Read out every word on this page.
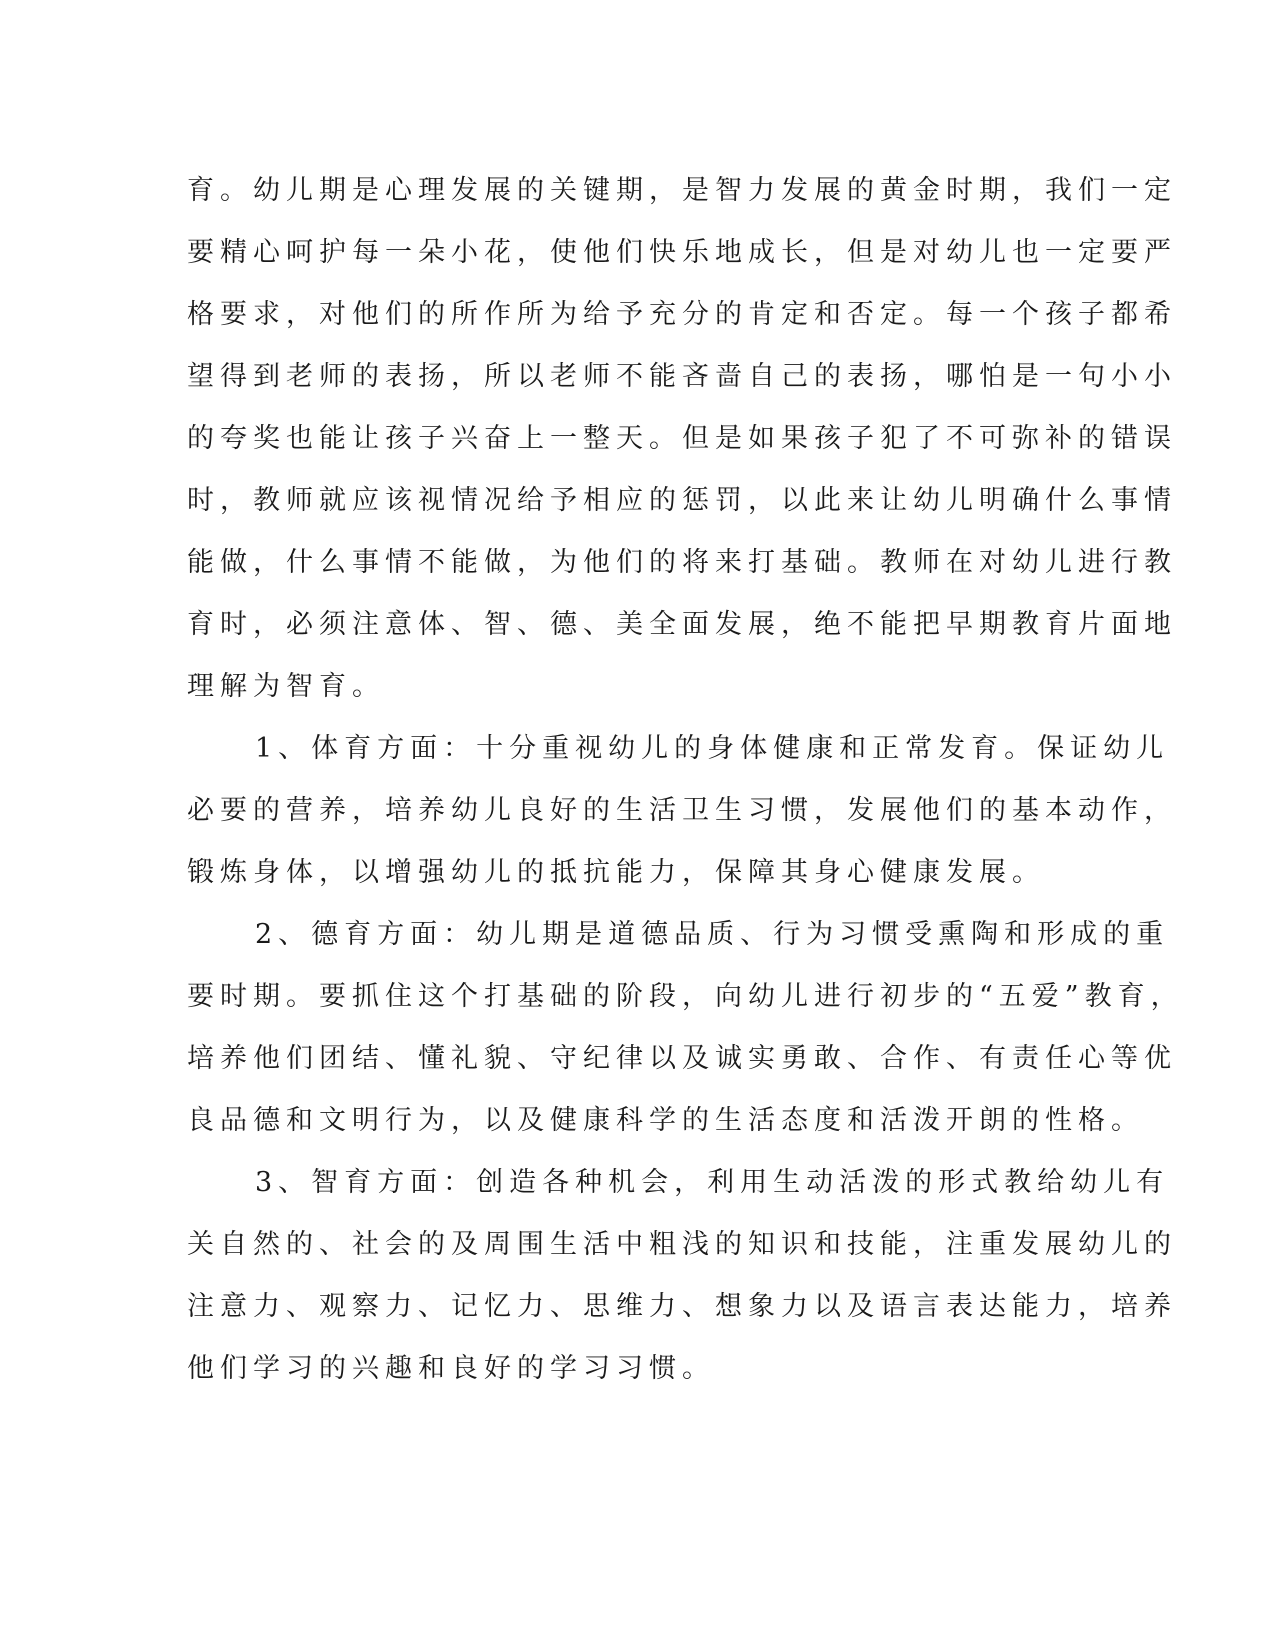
育。幼儿期是心理发展的关键期，是智力发展的黄金时期，我们一定
要精心呵护每一朵小花，使他们快乐地成长，但是对幼儿也一定要严
格要求，对他们的所作所为给予充分的肯定和否定。每一个孩子都希
望得到老师的表扬，所以老师不能吝啬自己的表扬，哪怕是一句小小
的夸奖也能让孩子兴奋上一整天。但是如果孩子犯了不可弥补的错误
时，教师就应该视情况给予相应的惩罚，以此来让幼儿明确什么事情
能做，什么事情不能做，为他们的将来打基础。教师在对幼儿进行教
育时，必须注意体、智、德、美全面发展，绝不能把早期教育片面地
理解为智育。
1、体育方面：十分重视幼儿的身体健康和正常发育。保证幼儿
必要的营养，培养幼儿良好的生活卫生习惯，发展他们的基本动作，
锻炼身体，以增强幼儿的抵抗能力，保障其身心健康发展。
2、德育方面：幼儿期是道德品质、行为习惯受熏陶和形成的重
要时期。要抓住这个打基础的阶段，向幼儿进行初步的“五爱”教育，
培养他们团结、懂礼貌、守纪律以及诚实勇敢、合作、有责任心等优
良品德和文明行为，以及健康科学的生活态度和活泼开朗的性格。
3、智育方面：创造各种机会，利用生动活泼的形式教给幼儿有
关自然的、社会的及周围生活中粗浅的知识和技能，注重发展幼儿的
注意力、观察力、记忆力、思维力、想象力以及语言表达能力，培养
他们学习的兴趣和良好的学习习惯。
